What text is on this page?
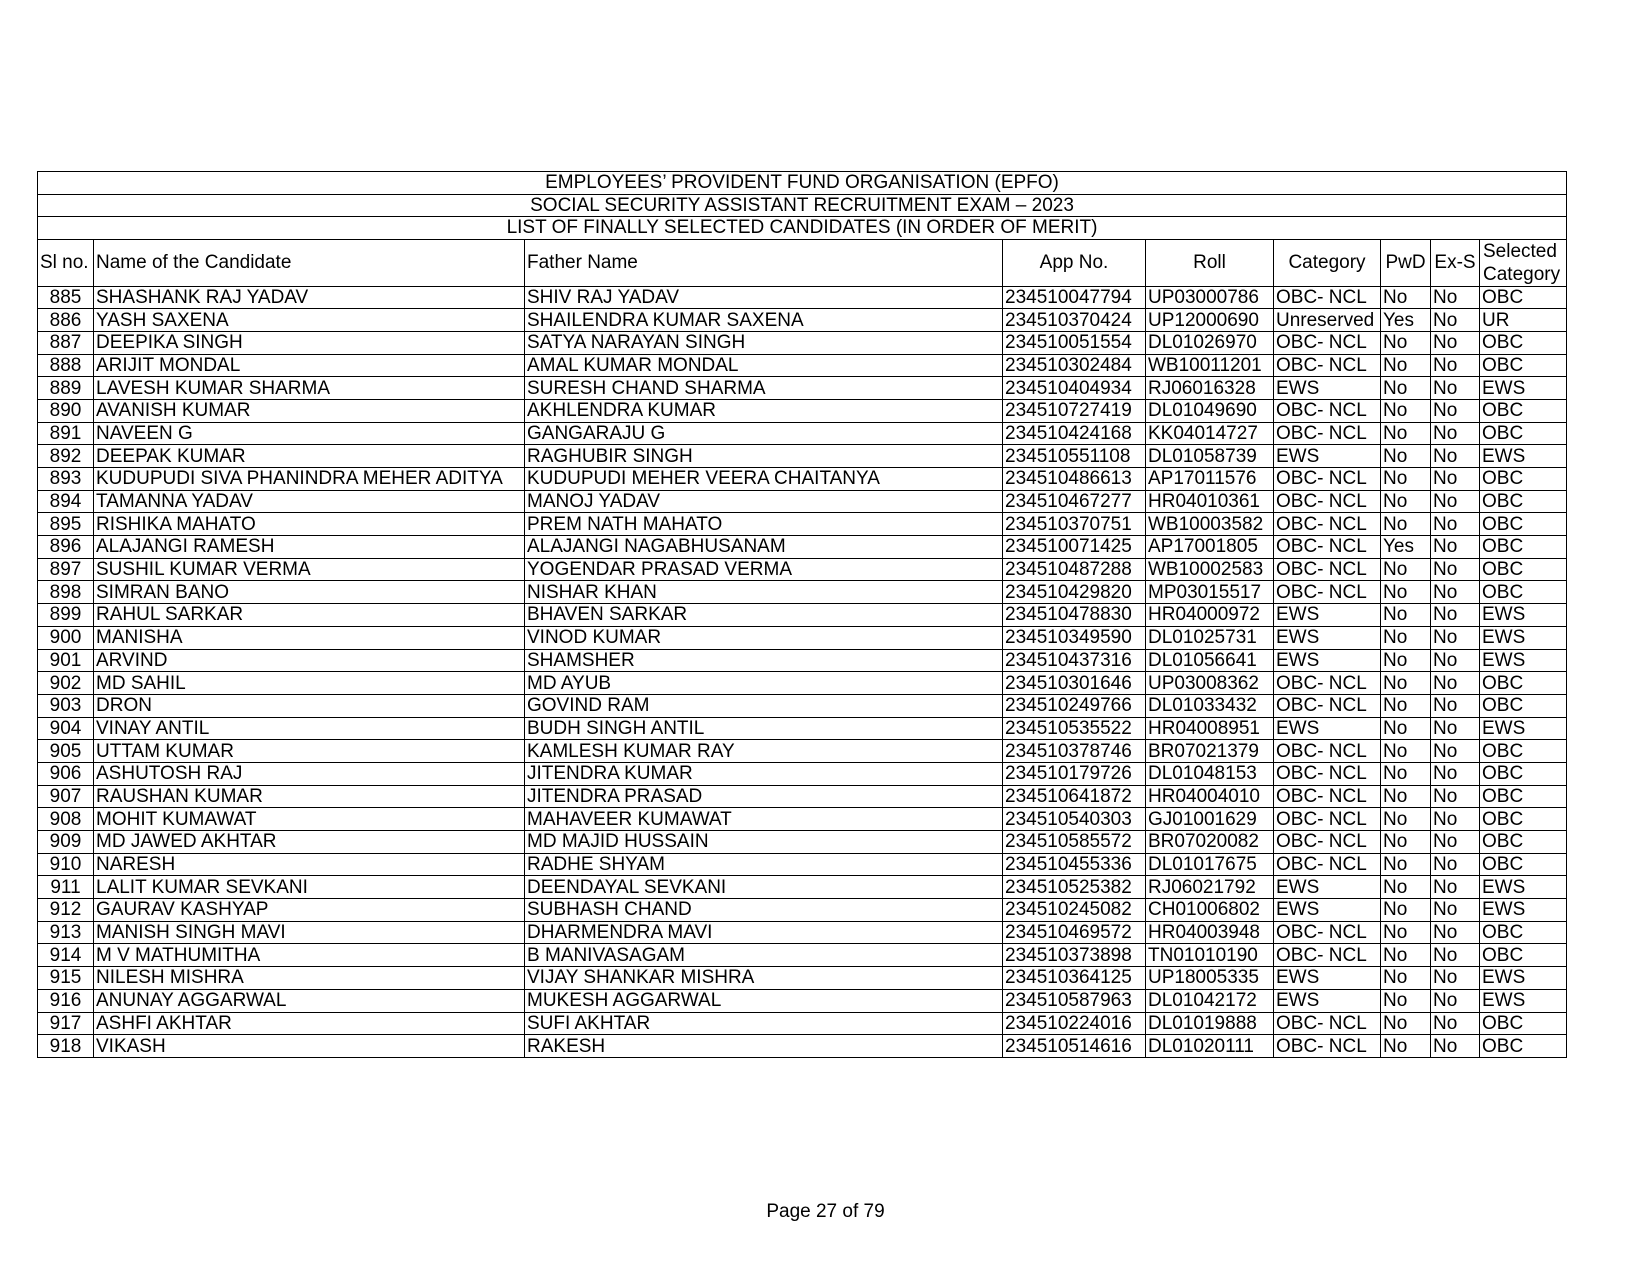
EMPLOYEES’ PROVIDENT FUND ORGANISATION (EPFO)								
SOCIAL SECURITY ASSISTANT RECRUITMENT EXAM – 2023								
LIST OF FINALLY SELECTED CANDIDATES (IN ORDER OF MERIT)								
Sl no.	Name of the Candidate	Father Name	App No.	Roll	Category	PwD	Ex-S	Selected
Category
885	SHASHANK RAJ YADAV	SHIV RAJ YADAV	234510047794	UP03000786	OBC- NCL	No	No	OBC
886	YASH SAXENA	SHAILENDRA KUMAR SAXENA	234510370424	UP12000690	Unreserved	Yes	No	UR
887	DEEPIKA SINGH	SATYA NARAYAN SINGH	234510051554	DL01026970	OBC- NCL	No	No	OBC
888	ARIJIT MONDAL	AMAL KUMAR MONDAL	234510302484	WB10011201	OBC- NCL	No	No	OBC
889	LAVESH KUMAR SHARMA	SURESH CHAND SHARMA	234510404934	RJ06016328	EWS	No	No	EWS
890	AVANISH KUMAR	AKHLENDRA KUMAR	234510727419	DL01049690	OBC- NCL	No	No	OBC
891	NAVEEN G	GANGARAJU G	234510424168	KK04014727	OBC- NCL	No	No	OBC
892	DEEPAK KUMAR	RAGHUBIR SINGH	234510551108	DL01058739	EWS	No	No	EWS
893	KUDUPUDI SIVA PHANINDRA MEHER ADITYA	KUDUPUDI MEHER VEERA CHAITANYA	234510486613	AP17011576	OBC- NCL	No	No	OBC
894	TAMANNA YADAV	MANOJ YADAV	234510467277	HR04010361	OBC- NCL	No	No	OBC
895	RISHIKA MAHATO	PREM NATH MAHATO	234510370751	WB10003582	OBC- NCL	No	No	OBC
896	ALAJANGI RAMESH	ALAJANGI NAGABHUSANAM	234510071425	AP17001805	OBC- NCL	Yes	No	OBC
897	SUSHIL KUMAR VERMA	YOGENDAR PRASAD VERMA	234510487288	WB10002583	OBC- NCL	No	No	OBC
898	SIMRAN BANO	NISHAR KHAN	234510429820	MP03015517	OBC- NCL	No	No	OBC
899	RAHUL SARKAR	BHAVEN SARKAR	234510478830	HR04000972	EWS	No	No	EWS
900	MANISHA	VINOD KUMAR	234510349590	DL01025731	EWS	No	No	EWS
901	ARVIND	SHAMSHER	234510437316	DL01056641	EWS	No	No	EWS
902	MD SAHIL	MD AYUB	234510301646	UP03008362	OBC- NCL	No	No	OBC
903	DRON	GOVIND RAM	234510249766	DL01033432	OBC- NCL	No	No	OBC
904	VINAY ANTIL	BUDH SINGH ANTIL	234510535522	HR04008951	EWS	No	No	EWS
905	UTTAM KUMAR	KAMLESH KUMAR RAY	234510378746	BR07021379	OBC- NCL	No	No	OBC
906	ASHUTOSH RAJ	JITENDRA KUMAR	234510179726	DL01048153	OBC- NCL	No	No	OBC
907	RAUSHAN KUMAR	JITENDRA PRASAD	234510641872	HR04004010	OBC- NCL	No	No	OBC
908	MOHIT KUMAWAT	MAHAVEER KUMAWAT	234510540303	GJ01001629	OBC- NCL	No	No	OBC
909	MD JAWED AKHTAR	MD MAJID HUSSAIN	234510585572	BR07020082	OBC- NCL	No	No	OBC
910	NARESH	RADHE SHYAM	234510455336	DL01017675	OBC- NCL	No	No	OBC
911	LALIT KUMAR SEVKANI	DEENDAYAL SEVKANI	234510525382	RJ06021792	EWS	No	No	EWS
912	GAURAV KASHYAP	SUBHASH CHAND	234510245082	CH01006802	EWS	No	No	EWS
913	MANISH SINGH MAVI	DHARMENDRA MAVI	234510469572	HR04003948	OBC- NCL	No	No	OBC
914	M V MATHUMITHA	B MANIVASAGAM	234510373898	TN01010190	OBC- NCL	No	No	OBC
915	NILESH MISHRA	VIJAY SHANKAR MISHRA	234510364125	UP18005335	EWS	No	No	EWS
916	ANUNAY AGGARWAL	MUKESH AGGARWAL	234510587963	DL01042172	EWS	No	No	EWS
917	ASHFI AKHTAR	SUFI AKHTAR	234510224016	DL01019888	OBC- NCL	No	No	OBC
918	VIKASH	RAKESH	234510514616	DL01020111	OBC- NCL	No	No	OBC
Page 27 of 79
